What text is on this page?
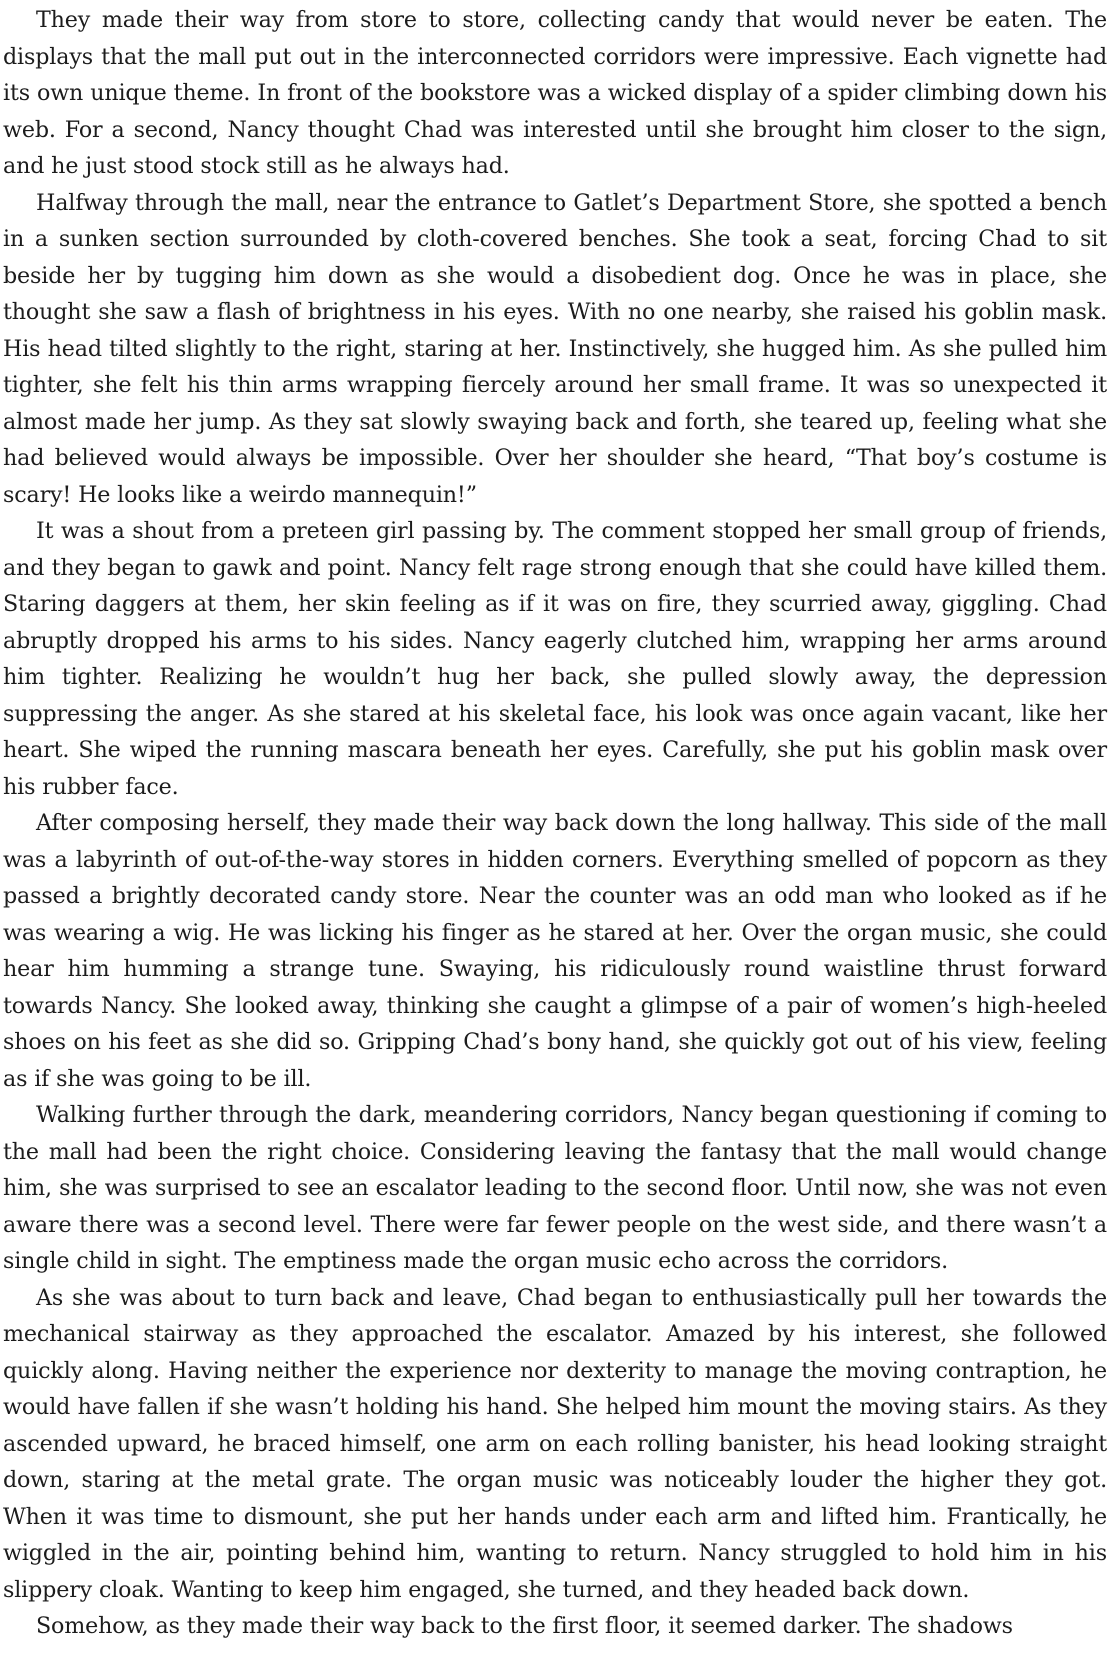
They made their way from store to store, collecting candy that would never be eaten. The displays that the mall put out in the interconnected corridors were impressive. Each vignette had its own unique theme. In front of the bookstore was a wicked display of a spider climbing down his web. For a second, Nancy thought Chad was interested until she brought him closer to the sign, and he just stood stock still as he always had.

Halfway through the mall, near the entrance to Gatlet’s Department Store, she spotted a bench in a sunken section surrounded by cloth-covered benches. She took a seat, forcing Chad to sit beside her by tugging him down as she would a disobedient dog. Once he was in place, she thought she saw a flash of brightness in his eyes. With no one nearby, she raised his goblin mask. His head tilted slightly to the right, staring at her. Instinctively, she hugged him. As she pulled him tighter, she felt his thin arms wrapping fiercely around her small frame. It was so unexpected it almost made her jump. As they sat slowly swaying back and forth, she teared up, feeling what she had believed would always be impossible. Over her shoulder she heard, “That boy’s costume is scary! He looks like a weirdo mannequin!”

It was a shout from a preteen girl passing by. The comment stopped her small group of friends, and they began to gawk and point. Nancy felt rage strong enough that she could have killed them. Staring daggers at them, her skin feeling as if it was on fire, they scurried away, giggling. Chad abruptly dropped his arms to his sides. Nancy eagerly clutched him, wrapping her arms around him tighter. Realizing he wouldn’t hug her back, she pulled slowly away, the depression suppressing the anger. As she stared at his skeletal face, his look was once again vacant, like her heart. She wiped the running mascara beneath her eyes. Carefully, she put his goblin mask over his rubber face.

After composing herself, they made their way back down the long hallway. This side of the mall was a labyrinth of out-of-the-way stores in hidden corners. Everything smelled of popcorn as they passed a brightly decorated candy store. Near the counter was an odd man who looked as if he was wearing a wig. He was licking his finger as he stared at her. Over the organ music, she could hear him humming a strange tune. Swaying, his ridiculously round waistline thrust forward towards Nancy. She looked away, thinking she caught a glimpse of a pair of women’s high-heeled shoes on his feet as she did so. Gripping Chad’s bony hand, she quickly got out of his view, feeling as if she was going to be ill.

Walking further through the dark, meandering corridors, Nancy began questioning if coming to the mall had been the right choice. Considering leaving the fantasy that the mall would change him, she was surprised to see an escalator leading to the second floor. Until now, she was not even aware there was a second level. There were far fewer people on the west side, and there wasn’t a single child in sight. The emptiness made the organ music echo across the corridors.

As she was about to turn back and leave, Chad began to enthusiastically pull her towards the mechanical stairway as they approached the escalator. Amazed by his interest, she followed quickly along. Having neither the experience nor dexterity to manage the moving contraption, he would have fallen if she wasn’t holding his hand. She helped him mount the moving stairs. As they ascended upward, he braced himself, one arm on each rolling banister, his head looking straight down, staring at the metal grate. The organ music was noticeably louder the higher they got. When it was time to dismount, she put her hands under each arm and lifted him. Frantically, he wiggled in the air, pointing behind him, wanting to return. Nancy struggled to hold him in his slippery cloak. Wanting to keep him engaged, she turned, and they headed back down.

Somehow, as they made their way back to the first floor, it seemed darker. The shadows
